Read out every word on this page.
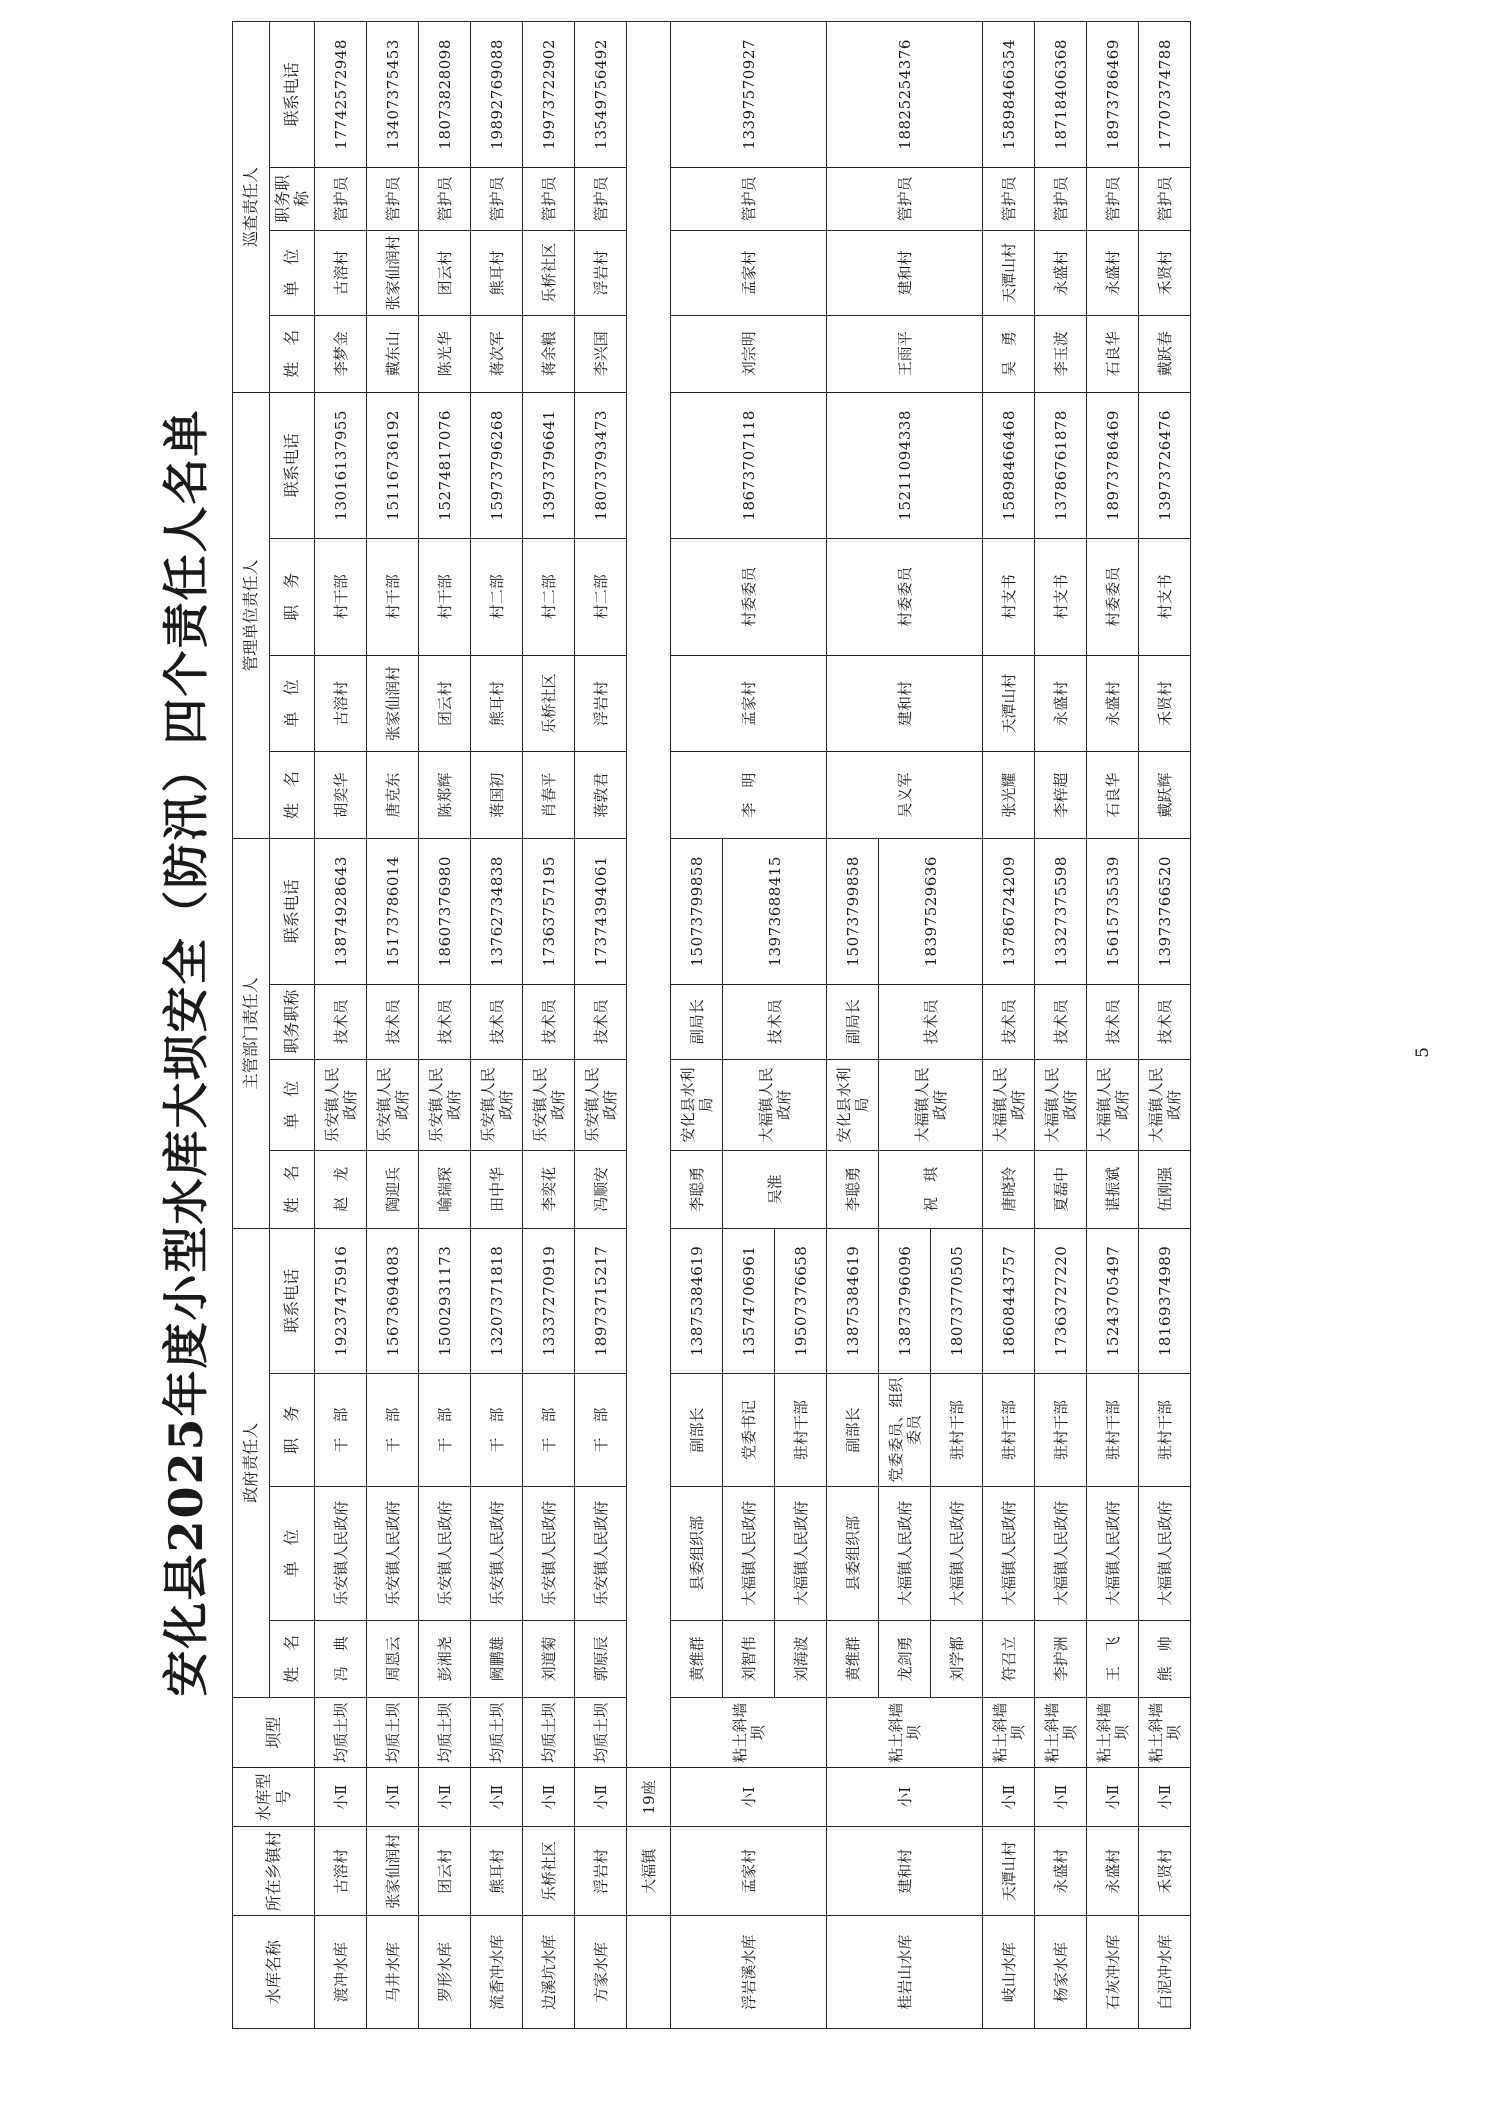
安化县2025年度小型水库大坝安全（防汛）四个责任人名单
水库名称	所在乡镇村	水库型号	坝型	政府责任人				主管部门责任人				管理单位责任人				巡查责任人			
				姓　名	单　位	职　务	联系电话	姓　名	单　位	职务职称	联系电话	姓　名	单　位	职　务	联系电话	姓　名	单　位	职务职称	联系电话
渡冲水库	古溶村	小Ⅱ	均质土坝	冯　典	乐安镇人民政府	干　部	19237475916	赵　龙	乐安镇人民政府	技术员	13874928643	胡奕华	古溶村	村干部	13016137955	李梦金	古溶村	管护员	17742572948
马井水库	张家仙润村	小Ⅱ	均质土坝	周恩云	乐安镇人民政府	干　部	15673694083	陶迎兵	乐安镇人民政府	技术员	15173786014	唐克东	张家仙润村	村干部	15116736192	戴东山	张家仙润村	管护员	13407375453
罗形水库	团云村	小Ⅱ	均质土坝	彭湘尧	乐安镇人民政府	干　部	15002931173	喻瑞琛	乐安镇人民政府	技术员	18607376980	陈郑辉	团云村	村干部	15274817076	陈光华	团云村	管护员	18073828098
流香冲水库	熊耳村	小Ⅱ	均质土坝	阙鹏雄	乐安镇人民政府	干　部	13207371818	田中华	乐安镇人民政府	技术员	13762734838	蒋国初	熊耳村	村二部	15973796268	蒋次军	熊耳村	管护员	19892769088
边溪坑水库	乐桥社区	小Ⅱ	均质土坝	刘道菊	乐安镇人民政府	干　部	13337270919	李奕花	乐安镇人民政府	技术员	17363757195	肖春平	乐桥社区	村二部	13973796641	蒋余粮	乐桥社区	管护员	19973722902
方家水库	浮岩村	小Ⅱ	均质土坝	郭原辰	乐安镇人民政府	干　部	18973715217	冯顺安	乐安镇人民政府	技术员	17374394061	蒋敦君	浮岩村	村二部	18073793473	李兴国	浮岩村	管护员	13549756492
	大福镇	19座																	
浮岩溪水库	孟家村	小Ⅰ	粘土斜墙坝	黄维群	县委组织部	副部长	13875384619	李聪勇	安化县水利局	副局长	15073799858	李　明	孟家村	村委委员	18673707118	刘宗明	孟家村	管护员	13397570927
				刘智伟	大福镇人民政府	党委书记	13574706961	吴淮	大福镇人民政府	技术员	13973688415								
				刘海波	大福镇人民政府	驻村干部	19507376658												
桂岩山水库	建和村	小Ⅰ	粘土斜墙坝	黄维群	县委组织部	副部长	13875384619	李聪勇	安化县水利局	副局长	15073799858	吴义军	建和村	村委委员	15211094338	王雨平	建和村	管护员	18825254376
				龙剑勇	大福镇人民政府	党委委员、组织委员	13873796096	祝　琪	大福镇人民政府	技术员	18397529636								
				刘学都	大福镇人民政府	驻村干部	18073770505												
岐山水库	天潭山村	小Ⅱ	粘土斜墙坝	符召立	大福镇人民政府	驻村干部	18608443757	唐晓玲	大福镇人民政府	技术员	13786724209	张光耀	天潭山村	村支书	15898466468	吴　勇	天潭山村	管护员	15898466354
杨家水库	永盛村	小Ⅱ	粘土斜墙坝	李护洲	大福镇人民政府	驻村干部	17363727220	夏磊中	大福镇人民政府	技术员	13327375598	李梓超	永盛村	村支书	13786761878	李玉波	永盛村	管护员	18718406368
石灰冲水库	永盛村	小Ⅱ	粘土斜墙坝	王　飞	大福镇人民政府	驻村干部	15243705497	谌振斌	大福镇人民政府	技术员	15615735539	石良华	永盛村	村委委员	18973786469	石良华	永盛村	管护员	18973786469
白泥冲水库	禾贤村	小Ⅱ	粘土斜墙坝	熊　帅	大福镇人民政府	驻村干部	18169374989	伍刚强	大福镇人民政府	技术员	13973766520	戴跃辉	禾贤村	村支书	13973726476	戴跃春	禾贤村	管护员	17707374788

5
